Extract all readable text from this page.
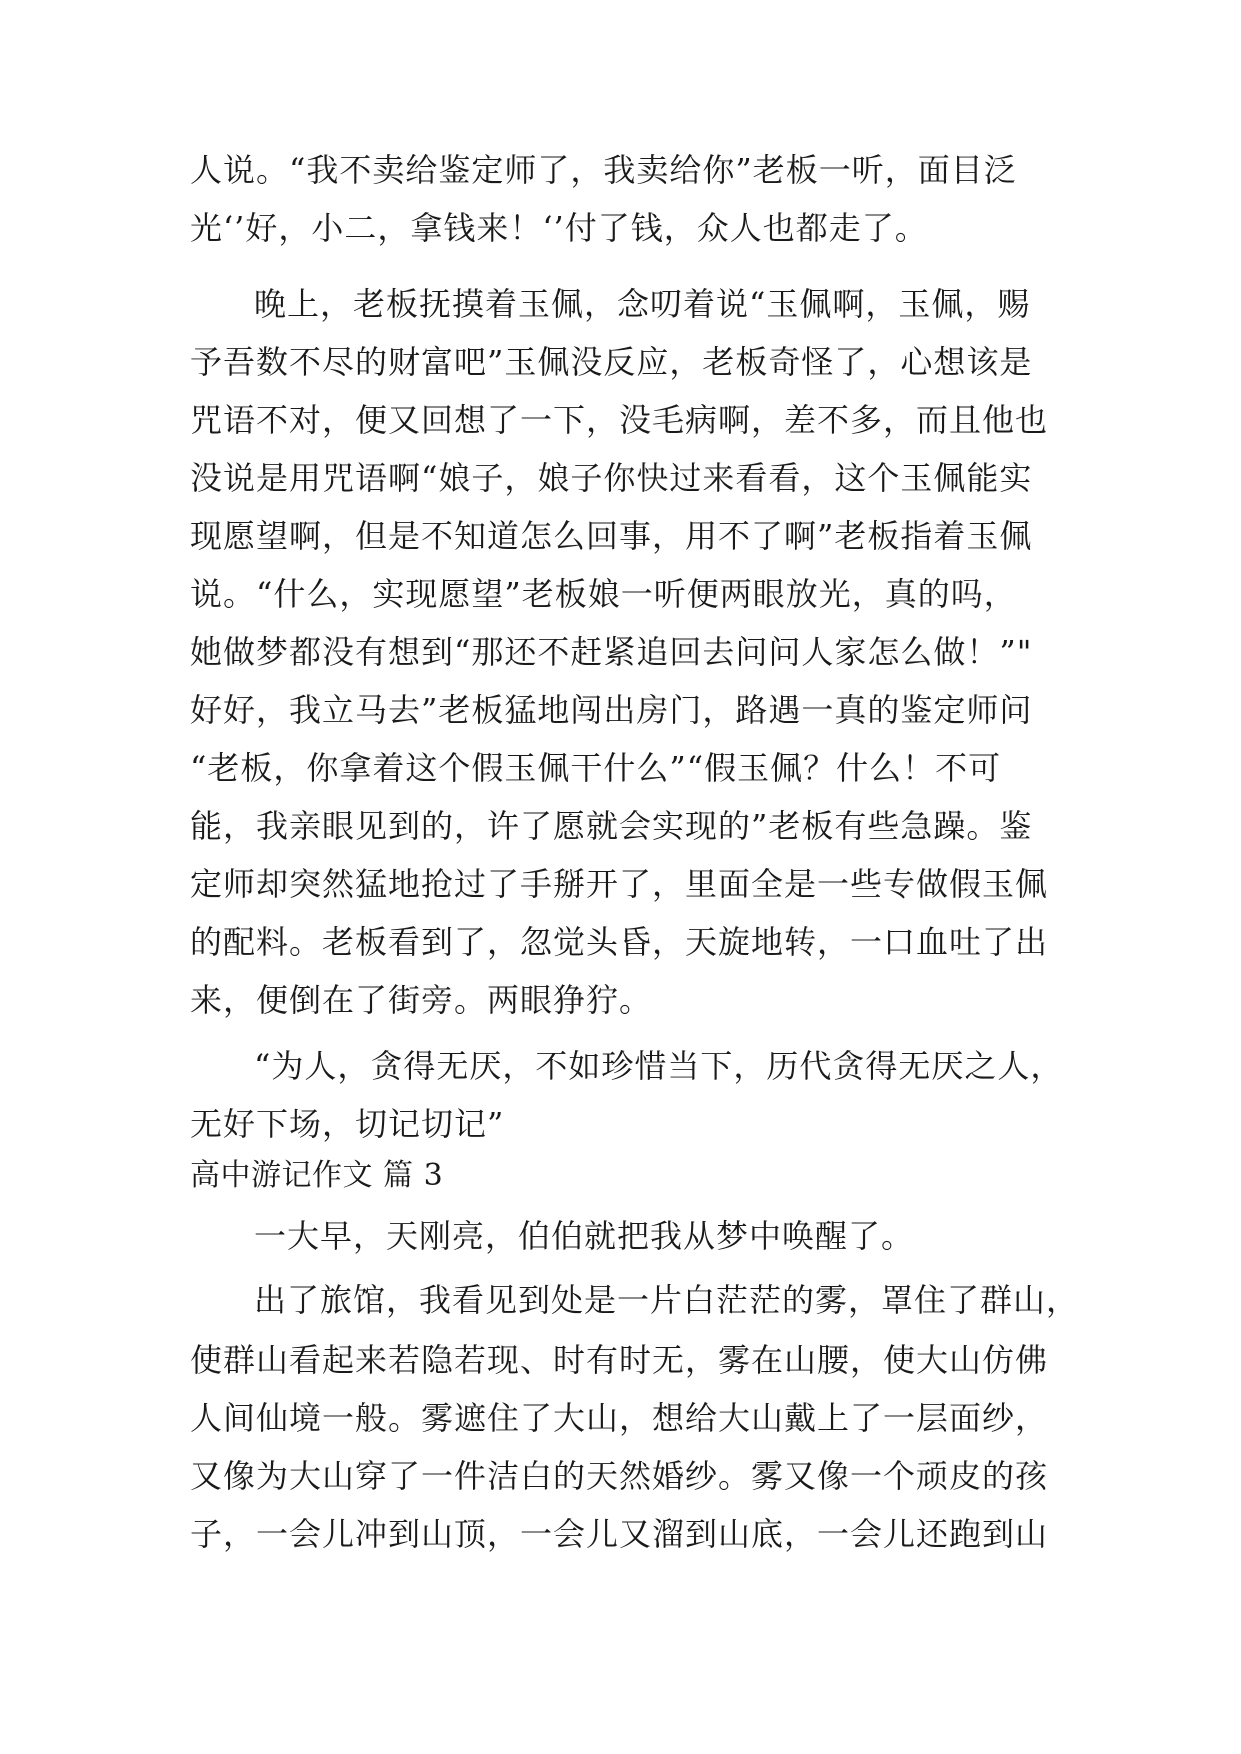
人说。“我不卖给鉴定师了，我卖给你”老板一听，面目泛
光‘’好，小二，拿钱来！‘’付了钱，众人也都走了。
晚上，老板抚摸着玉佩，念叨着说“玉佩啊，玉佩，赐
予吾数不尽的财富吧”玉佩没反应，老板奇怪了，心想该是
咒语不对，便又回想了一下，没毛病啊，差不多，而且他也
没说是用咒语啊“娘子，娘子你快过来看看，这个玉佩能实
现愿望啊，但是不知道怎么回事，用不了啊”老板指着玉佩
说。“什么，实现愿望”老板娘一听便两眼放光，真的吗，
她做梦都没有想到“那还不赶紧追回去问问人家怎么做！”"
好好，我立马去”老板猛地闯出房门，路遇一真的鉴定师问
“老板，你拿着这个假玉佩干什么”“假玉佩？什么！不可
能，我亲眼见到的，许了愿就会实现的”老板有些急躁。鉴
定师却突然猛地抢过了手掰开了，里面全是一些专做假玉佩
的配料。老板看到了，忽觉头昏，天旋地转，一口血吐了出
来，便倒在了街旁。两眼狰狞。
“为人，贪得无厌，不如珍惜当下，历代贪得无厌之人，
无好下场，切记切记”
高中游记作文 篇 3
一大早，天刚亮，伯伯就把我从梦中唤醒了。
出了旅馆，我看见到处是一片白茫茫的雾，罩住了群山，
使群山看起来若隐若现、时有时无，雾在山腰，使大山仿佛
人间仙境一般。雾遮住了大山，想给大山戴上了一层面纱，
又像为大山穿了一件洁白的天然婚纱。雾又像一个顽皮的孩
子，一会儿冲到山顶，一会儿又溜到山底，一会儿还跑到山
